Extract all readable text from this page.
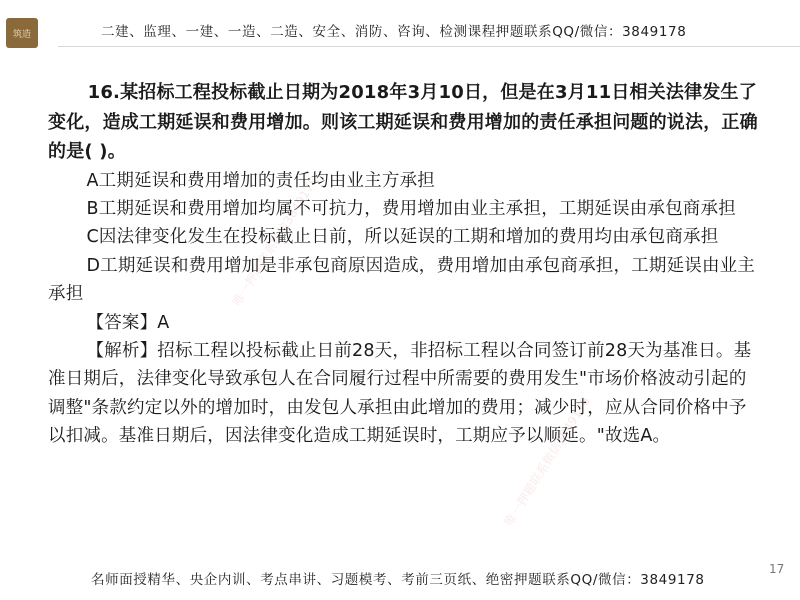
筑造	二建、监理、一建、一造、二造、安全、消防、咨询、检测课程押题联系QQ/微信：3849178
唯一押题联系微信3849178
唯一押题联系微信3849178

16.某招标工程投标截止日期为2018年3月10日，但是在3月11日相关法律发生了变化，造成工期延误和费用增加。则该工期延误和费用增加的责任承担问题的说法，正确的是( )。

A工期延误和费用增加的责任均由业主方承担

B工期延误和费用增加均属不可抗力，费用增加由业主承担，工期延误由承包商承担

C因法律变化发生在投标截止日前，所以延误的工期和增加的费用均由承包商承担

D工期延误和费用增加是非承包商原因造成，费用增加由承包商承担，工期延误由业主承担

【答案】A

【解析】招标工程以投标截止日前28天，非招标工程以合同签订前28天为基准日。基准日期后，法律变化导致承包人在合同履行过程中所需要的费用发生"市场价格波动引起的调整"条款约定以外的增加时，由发包人承担由此增加的费用；减少时，应从合同价格中予以扣减。基准日期后，因法律变化造成工期延误时，工期应予以顺延。"故选A。

名师面授精华、央企内训、考点串讲、习题模考、考前三页纸、绝密押题联系QQ/微信：3849178
17
